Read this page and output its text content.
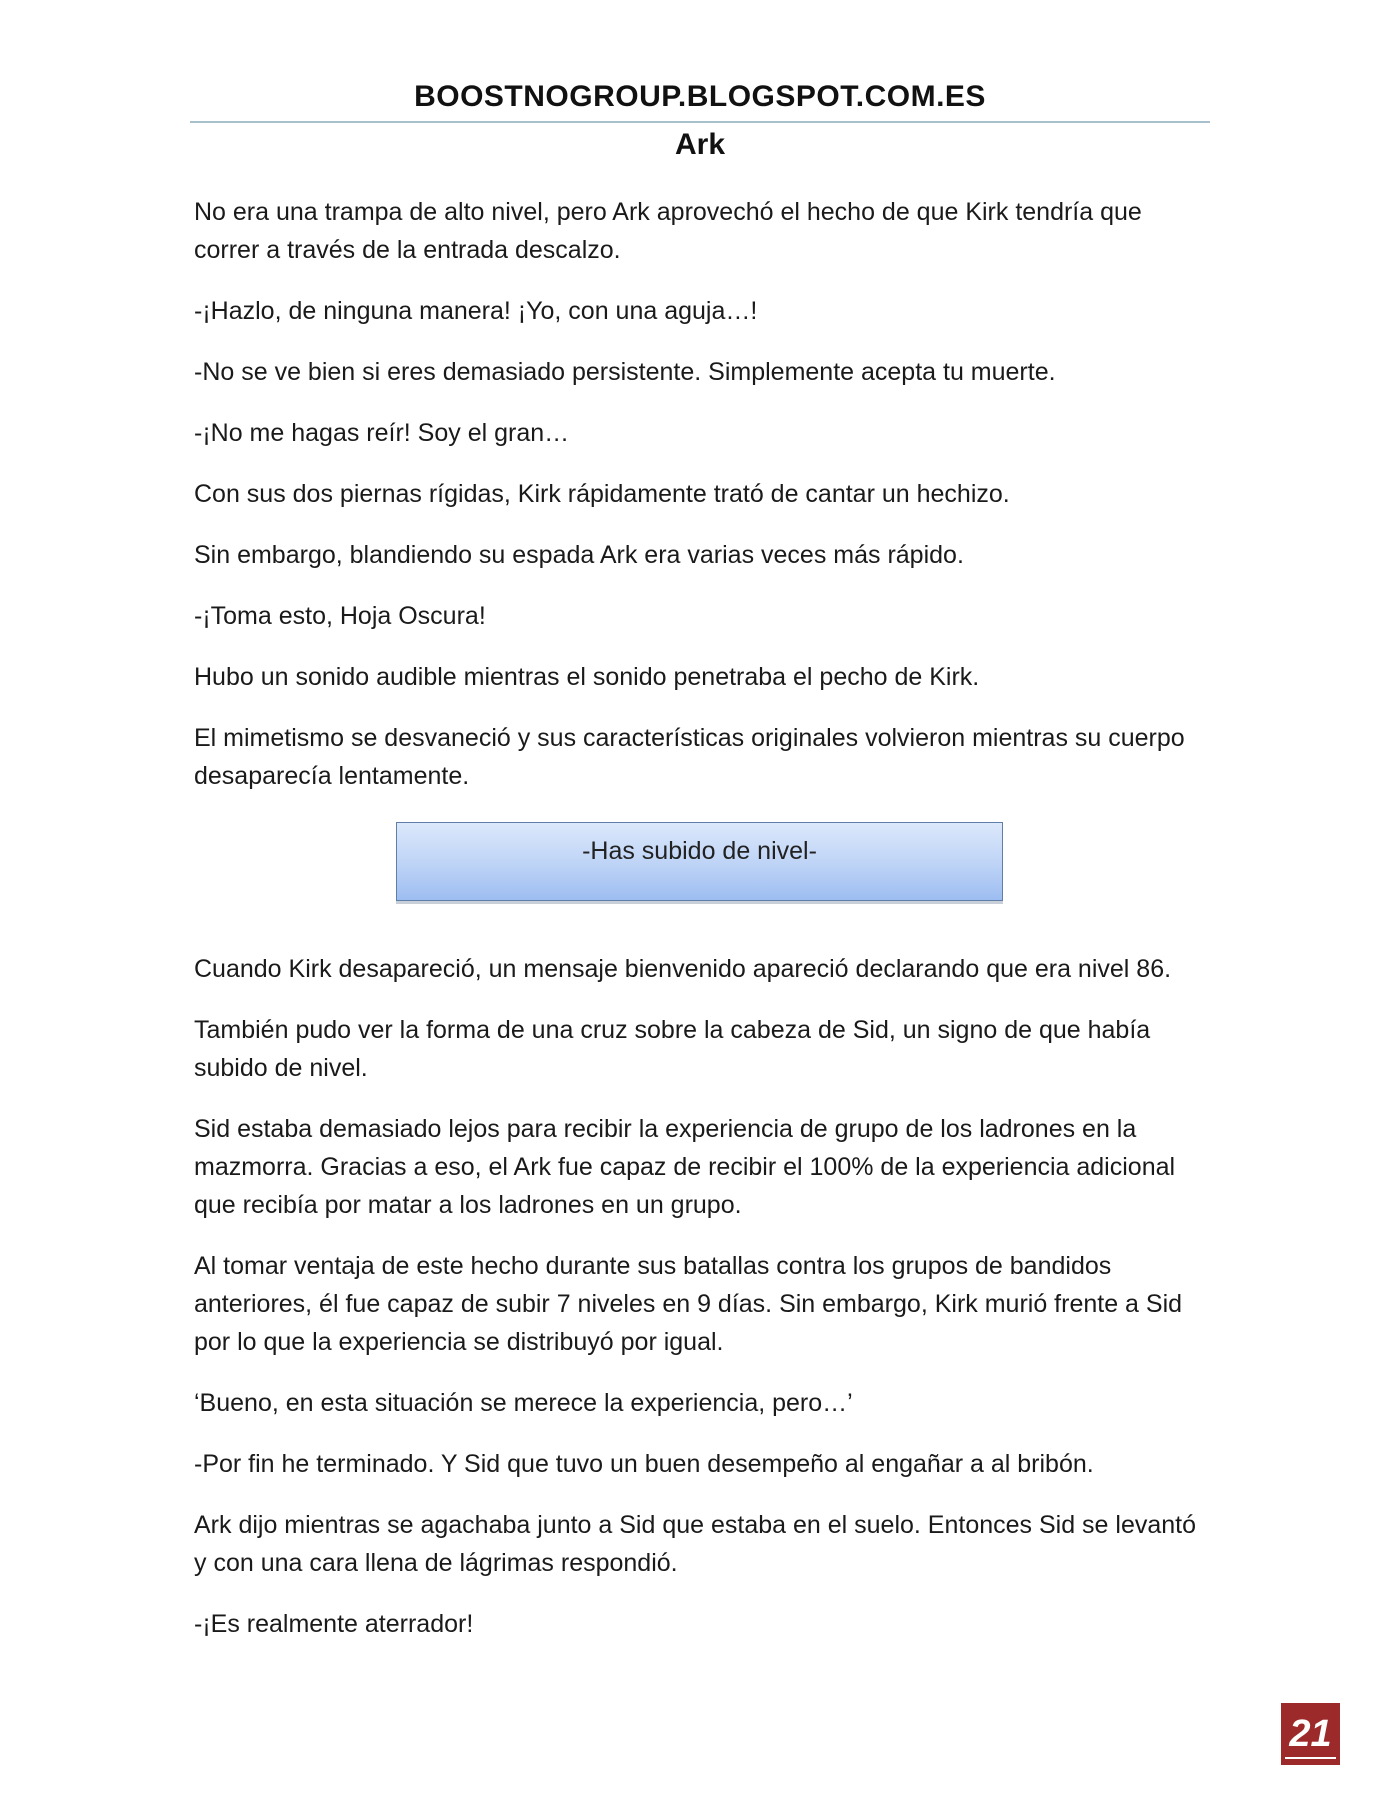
BOOSTNOGROUP.BLOGSPOT.COM.ES
Ark

No era una trampa de alto nivel, pero Ark aprovechó el hecho de que Kirk tendría que correr a través de la entrada descalzo.

-¡Hazlo, de ninguna manera! ¡Yo, con una aguja…!

-No se ve bien si eres demasiado persistente. Simplemente acepta tu muerte.

-¡No me hagas reír! Soy el gran…

Con sus dos piernas rígidas, Kirk rápidamente trató de cantar un hechizo.

Sin embargo, blandiendo su espada Ark era varias veces más rápido.

-¡Toma esto, Hoja Oscura!

Hubo un sonido audible mientras el sonido penetraba el pecho de Kirk.

El mimetismo se desvaneció y sus características originales volvieron mientras su cuerpo desaparecía lentamente.

-Has subido de nivel-

Cuando Kirk desapareció, un mensaje bienvenido apareció declarando que era nivel 86.

También pudo ver la forma de una cruz sobre la cabeza de Sid, un signo de que había subido de nivel.

Sid estaba demasiado lejos para recibir la experiencia de grupo de los ladrones en la mazmorra. Gracias a eso, el Ark fue capaz de recibir el 100% de la experiencia adicional que recibía por matar a los ladrones en un grupo.

Al tomar ventaja de este hecho durante sus batallas contra los grupos de bandidos anteriores, él fue capaz de subir 7 niveles en 9 días. Sin embargo, Kirk murió frente a Sid por lo que la experiencia se distribuyó por igual.

‘Bueno, en esta situación se merece la experiencia, pero…’

-Por fin he terminado. Y Sid que tuvo un buen desempeño al engañar a al bribón.

Ark dijo mientras se agachaba junto a Sid que estaba en el suelo. Entonces Sid se levantó y con una cara llena de lágrimas respondió.

-¡Es realmente aterrador!

21
